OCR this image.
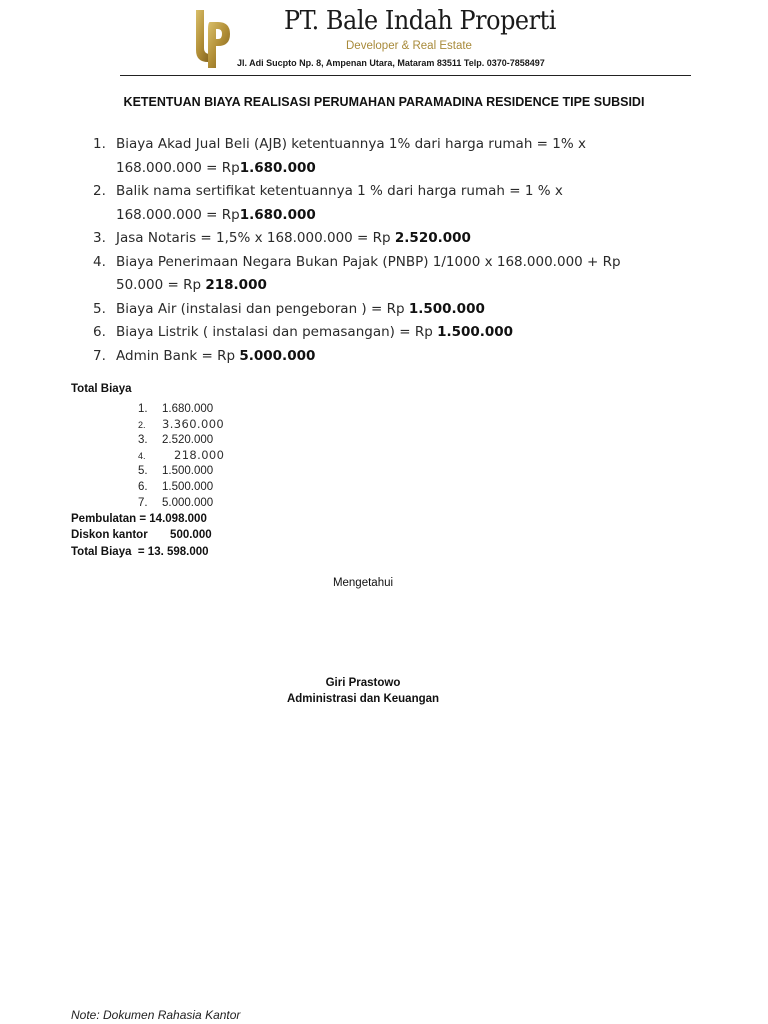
PT. Bale Indah Properti
Developer & Real Estate
Jl. Adi Sucpto Np. 8, Ampenan Utara, Mataram 83511 Telp. 0370-7858497
KETENTUAN BIAYA REALISASI PERUMAHAN PARAMADINA RESIDENCE TIPE SUBSIDI
1. Biaya Akad Jual Beli (AJB) ketentuannya 1% dari harga rumah = 1% x
168.000.000 = Rp1.680.000
2. Balik nama sertifikat ketentuannya 1 % dari harga rumah = 1 % x
168.000.000 = Rp1.680.000
3. Jasa Notaris = 1,5% x 168.000.000 = Rp 2.520.000
4. Biaya Penerimaan Negara Bukan Pajak (PNBP) 1/1000 x 168.000.000 + Rp
50.000 = Rp 218.000
5. Biaya Air (instalasi dan pengeboran ) = Rp 1.500.000
6. Biaya Listrik ( instalasi dan pemasangan) = Rp 1.500.000
7. Admin Bank = Rp 5.000.000
Total Biaya
1. 1.680.000
2. 3.360.000
3. 2.520.000
4. 218.000
5. 1.500.000
6. 1.500.000
7. 5.000.000
Pembulatan = 14.098.000
Diskon kantor       500.000
Total Biaya  = 13. 598.000
Mengetahui
Giri Prastowo
Administrasi dan Keuangan
Note: Dokumen Rahasia Kantor
